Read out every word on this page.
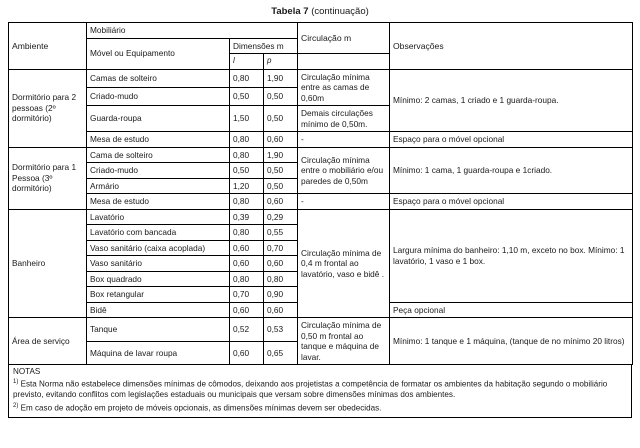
Tabela 7 (continuação)
Ambiente	Mobiliário			Circulação m	Observações
	Móvel ou Equipamento	Dimensões m			
		l	p		
Dormitório para 2 pessoas (2º dormitório)	Camas de solteiro	0,80	1,90	Circulação mínima entre as camas de 0,60m	Mínimo: 2 camas, 1 criado e 1 guarda-roupa.
	Criado-mudo	0,50	0,50		
	Guarda-roupa	1,50	0,50	Demais circulações mínimo de 0,50m.	
	Mesa de estudo	0,80	0,60	-	Espaço para o móvel opcional
Dormitório para 1 Pessoa (3º dormitório)	Cama de solteiro	0,80	1,90	Circulação mínima entre o mobiliário e/ou paredes de 0,50m	Mínimo: 1 cama, 1 guarda-roupa e 1criado.
	Criado-mudo	0,50	0,50		
	Armário	1,20	0,50		
	Mesa de estudo	0,80	0,60	-	Espaço para o móvel opcional
Banheiro	Lavatório	0,39	0,29	Circulação mínima de 0,4 m frontal ao lavatório, vaso e bidê .	Largura mínima do banheiro: 1,10 m, exceto no box. Mínimo: 1 lavatório, 1 vaso e 1 box.
	Lavatório com bancada	0,80	0,55		
	Vaso sanitário (caixa acoplada)	0,60	0,70		
	Vaso sanitário	0,60	0,60		
	Box quadrado	0,80	0,80		
	Box retangular	0,70	0,90		
	Bidê	0,60	0,60		Peça opcional
Área de serviço	Tanque	0,52	0,53	Circulação mínima de 0,50 m frontal ao tanque e máquina de lavar.	Mínimo: 1 tanque e 1 máquina, (tanque de no mínimo 20 litros)
	Máquina de lavar roupa	0,60	0,65		
NOTAS
$^{1)}$ Esta Norma não estabelece dimensões mínimas de cômodos, deixando aos projetistas a competência de formatar os ambientes da habitação segundo o mobiliário previsto, evitando conflitos com legislações estaduais ou municipais que versam sobre dimensões mínimas dos ambientes.
$^{2)}$ Em caso de adoção em projeto de móveis opcionais, as dimensões mínimas devem ser obedecidas.
